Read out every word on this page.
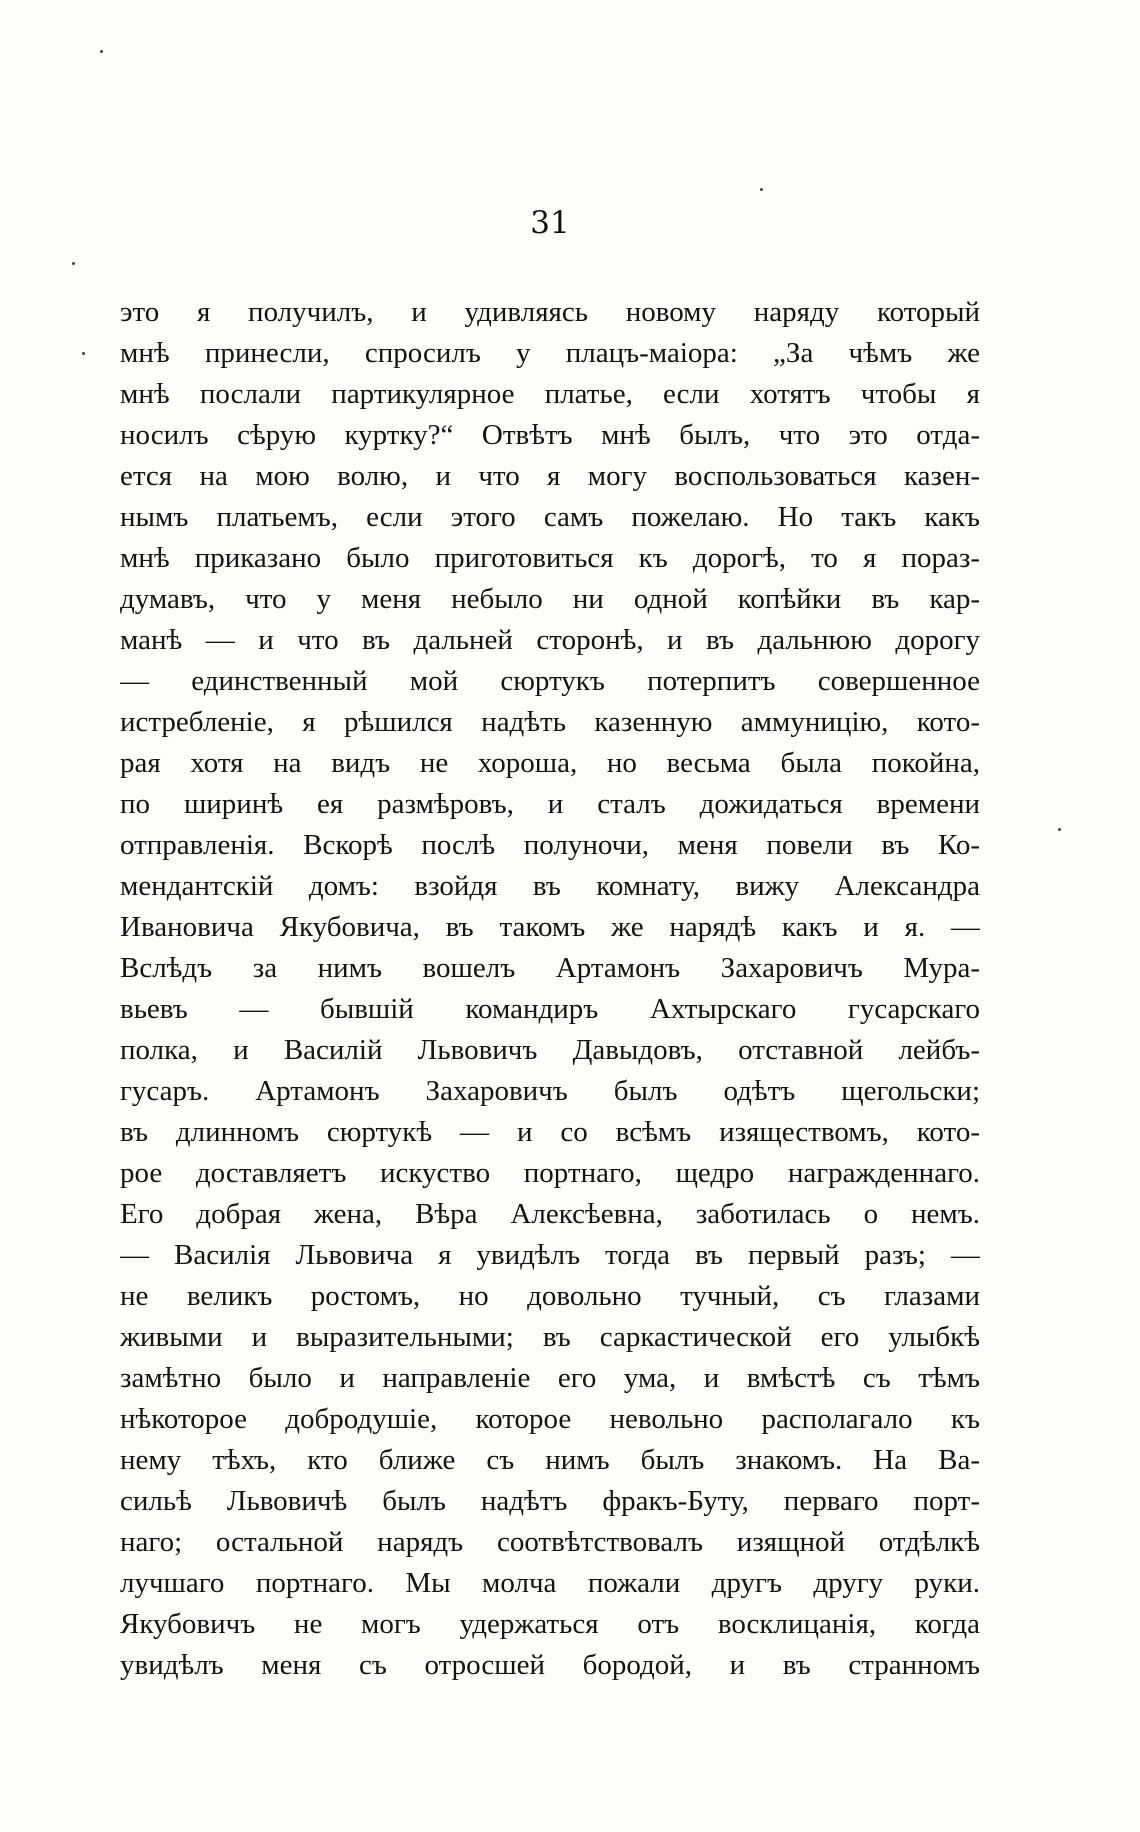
31
это я получилъ, и удивляясь новому наряду который
мнѣ принесли, спросилъ у плацъ-маіора: „За чѣмъ же
мнѣ послали партикулярное платье, если хотятъ чтобы я
носилъ сѣрую куртку?“ Отвѣтъ мнѣ былъ, что это отда-
ется на мою волю, и что я могу воспользоваться казен-
нымъ платьемъ, если этого самъ пожелаю. Но такъ какъ
мнѣ приказано было приготовиться къ дорогѣ, то я пораз-
думавъ, что у меня небыло ни одной копѣйки въ кар-
манѣ — и что въ дальней сторонѣ, и въ дальнюю дорогу
— единственный мой сюртукъ потерпитъ совершенное
истребленіе, я рѣшился надѣть казенную аммуницію, кото-
рая хотя на видъ не хороша, но весьма была покойна,
по ширинѣ ея размѣровъ, и сталъ дожидаться времени
отправленія. Вскорѣ послѣ полуночи, меня повели въ Ко-
мендантскій домъ: взойдя въ комнату, вижу Александра
Ивановича Якубовича, въ такомъ же нарядѣ какъ и я. —
Вслѣдъ за нимъ вошелъ Артамонъ Захаровичъ Мура-
вьевъ — бывшій командиръ Ахтырскаго гусарскаго
полка, и Василій Львовичъ Давыдовъ, отставной лейбъ-
гусаръ. Артамонъ Захаровичъ былъ одѣтъ щегольски;
въ длинномъ сюртукѣ — и со всѣмъ изяществомъ, кото-
рое доставляетъ искуство портнаго, щедро награжденнаго.
Его добрая жена, Вѣра Алексѣевна, заботилась о немъ.
— Василія Львовича я увидѣлъ тогда въ первый разъ; —
не великъ ростомъ, но довольно тучный, съ глазами
живыми и выразительными; въ саркастической его улыбкѣ
замѣтно было и направленіе его ума, и вмѣстѣ съ тѣмъ
нѣкоторое добродушіе, которое невольно располагало къ
нему тѣхъ, кто ближе съ нимъ былъ знакомъ. На Ва-
сильѣ Львовичѣ былъ надѣтъ фракъ-Буту, перваго порт-
наго; остальной нарядъ соотвѣтствовалъ изящной отдѣлкѣ
лучшаго портнаго. Мы молча пожали другъ другу руки.
Якубовичъ не могъ удержаться отъ восклицанія, когда
увидѣлъ меня съ отросшей бородой, и въ странномъ
